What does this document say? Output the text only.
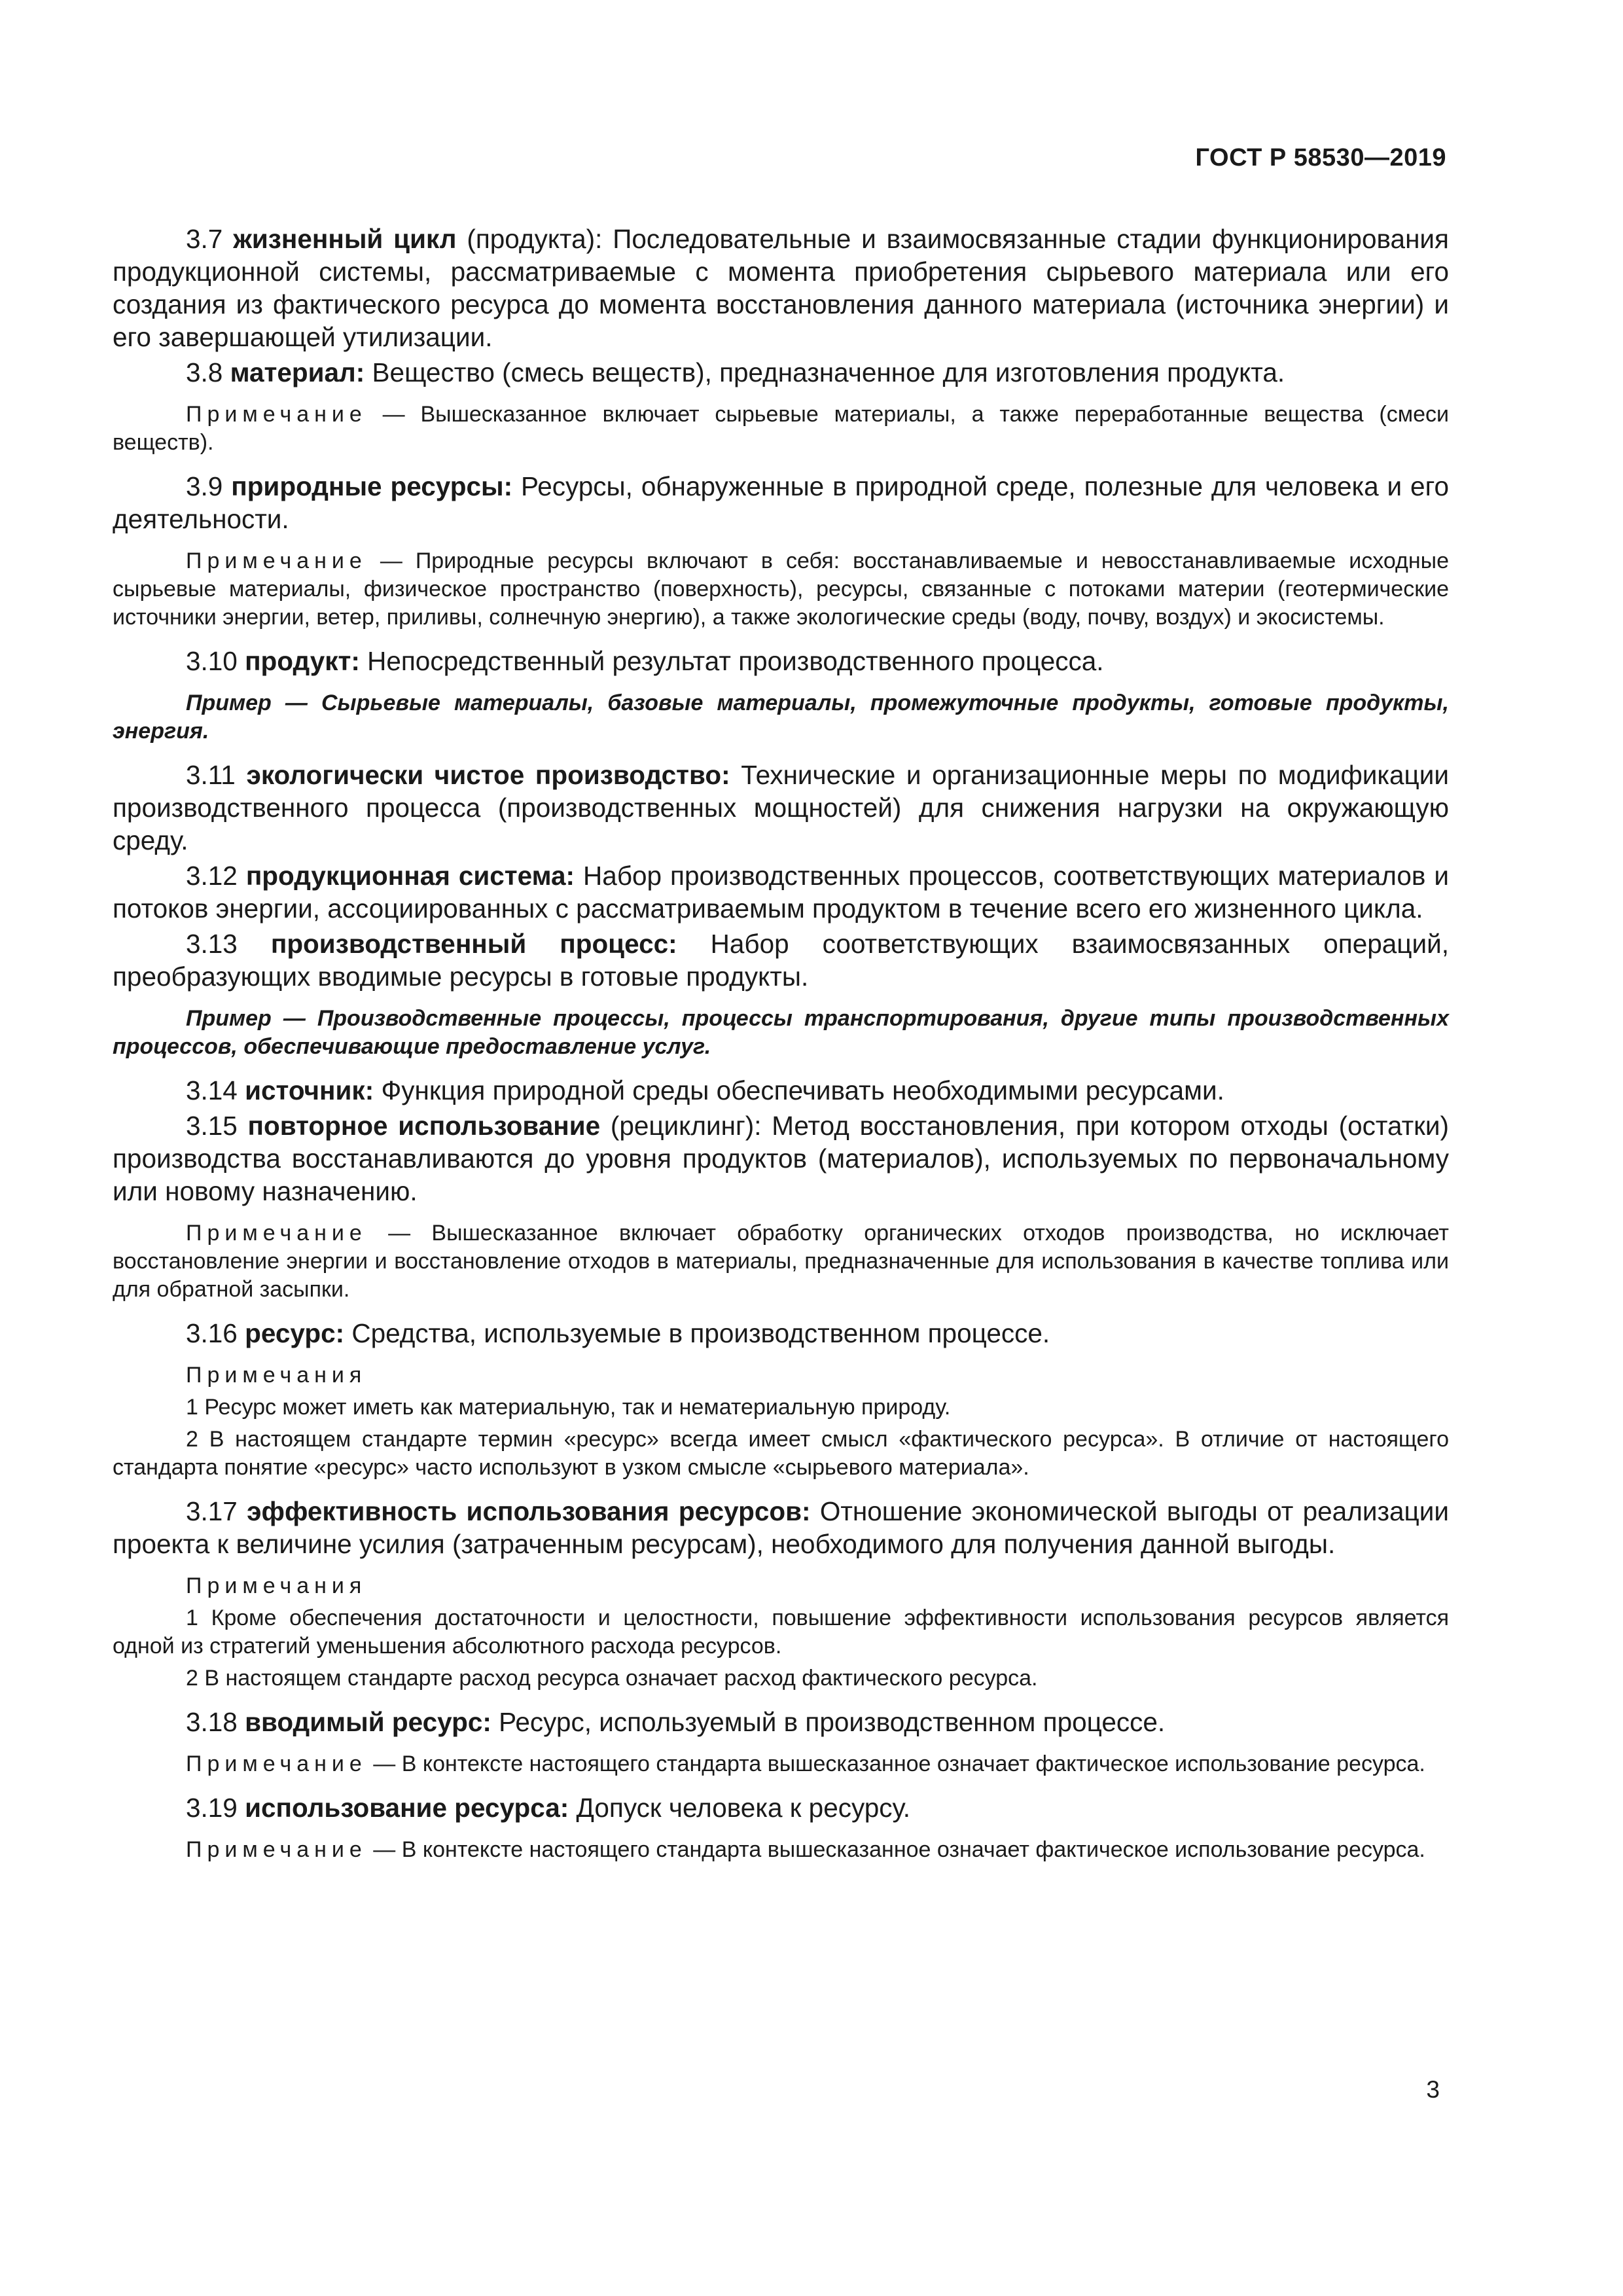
ГОСТ Р 58530—2019

3.7 жизненный цикл (продукта): Последовательные и взаимосвязанные стадии функционирования продукционной системы, рассматриваемые с момента приобретения сырьевого материала или его создания из фактического ресурса до момента восстановления данного материала (источника энергии) и его завершающей утилизации.

3.8 материал: Вещество (смесь веществ), предназначенное для изготовления продукта.

Примечание — Вышесказанное включает сырьевые материалы, а также переработанные вещества (смеси веществ).

3.9 природные ресурсы: Ресурсы, обнаруженные в природной среде, полезные для человека и его деятельности.

Примечание — Природные ресурсы включают в себя: восстанавливаемые и невосстанавливаемые исходные сырьевые материалы, физическое пространство (поверхность), ресурсы, связанные с потоками материи (геотермические источники энергии, ветер, приливы, солнечную энергию), а также экологические среды (воду, почву, воздух) и экосистемы.

3.10 продукт: Непосредственный результат производственного процесса.

Пример — Сырьевые материалы, базовые материалы, промежуточные продукты, готовые продукты, энергия.

3.11 экологически чистое производство: Технические и организационные меры по модификации производственного процесса (производственных мощностей) для снижения нагрузки на окружающую среду.

3.12 продукционная система: Набор производственных процессов, соответствующих материалов и потоков энергии, ассоциированных с рассматриваемым продуктом в течение всего его жизненного цикла.

3.13 производственный процесс: Набор соответствующих взаимосвязанных операций, преобразующих вводимые ресурсы в готовые продукты.

Пример — Производственные процессы, процессы транспортирования, другие типы производственных процессов, обеспечивающие предоставление услуг.

3.14 источник: Функция природной среды обеспечивать необходимыми ресурсами.

3.15 повторное использование (рециклинг): Метод восстановления, при котором отходы (остатки) производства восстанавливаются до уровня продуктов (материалов), используемых по первоначальному или новому назначению.

Примечание — Вышесказанное включает обработку органических отходов производства, но исключает восстановление энергии и восстановление отходов в материалы, предназначенные для использования в качестве топлива или для обратной засыпки.

3.16 ресурс: Средства, используемые в производственном процессе.

Примечания

1 Ресурс может иметь как материальную, так и нематериальную природу.

2 В настоящем стандарте термин «ресурс» всегда имеет смысл «фактического ресурса». В отличие от настоящего стандарта понятие «ресурс» часто используют в узком смысле «сырьевого материала».

3.17 эффективность использования ресурсов: Отношение экономической выгоды от реализации проекта к величине усилия (затраченным ресурсам), необходимого для получения данной выгоды.

Примечания

1 Кроме обеспечения достаточности и целостности, повышение эффективности использования ресурсов является одной из стратегий уменьшения абсолютного расхода ресурсов.

2 В настоящем стандарте расход ресурса означает расход фактического ресурса.

3.18 вводимый ресурс: Ресурс, используемый в производственном процессе.

Примечание — В контексте настоящего стандарта вышесказанное означает фактическое использование ресурса.

3.19 использование ресурса: Допуск человека к ресурсу.

Примечание — В контексте настоящего стандарта вышесказанное означает фактическое использование ресурса.

3
